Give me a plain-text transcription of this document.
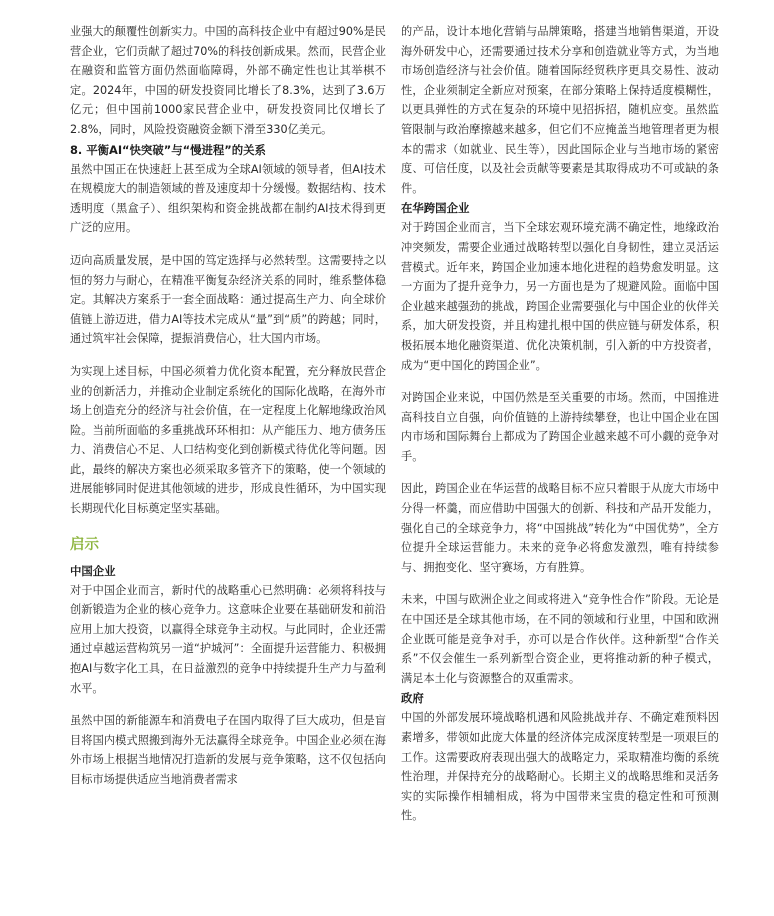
业强大的颠覆性创新实力。中国的高科技企业中有超过90%是民营企业，它们贡献了超过70%的科技创新成果。然而，民营企业在融资和监管方面仍然面临障碍，外部不确定性也让其举棋不定。2024年，中国的研发投资同比增长了8.3%，达到了3.6万亿元；但中国前1000家民营企业中，研发投资同比仅增长了2.8%，同时，风险投资融资金额下滑至330亿美元。

8. 平衡AI“快突破”与“慢进程”的关系

虽然中国正在快速赶上甚至成为全球AI领域的领导者，但AI技术在规模庞大的制造领域的普及速度却十分缓慢。数据结构、技术透明度（黑盒子）、组织架构和资金挑战都在制约AI技术得到更广泛的应用。

迈向高质量发展，是中国的笃定选择与必然转型。这需要持之以恒的努力与耐心，在精准平衡复杂经济关系的同时，维系整体稳定。其解决方案系于一套全面战略：通过提高生产力、向全球价值链上游迈进，借力AI等技术完成从“量”到“质”的跨越；同时，通过筑牢社会保障，提振消费信心，壮大国内市场。

为实现上述目标，中国必须着力优化资本配置，充分释放民营企业的创新活力，并推动企业制定系统化的国际化战略，在海外市场上创造充分的经济与社会价值，在一定程度上化解地缘政治风险。当前所面临的多重挑战环环相扣：从产能压力、地方债务压力、消费信心不足、人口结构变化到创新模式待优化等问题。因此，最终的解决方案也必须采取多管齐下的策略，使一个领域的进展能够同时促进其他领域的进步，形成良性循环，为中国实现长期现代化目标奠定坚实基础。

启示

中国企业

对于中国企业而言，新时代的战略重心已然明确：必须将科技与创新锻造为企业的核心竞争力。这意味企业要在基础研发和前沿应用上加大投资，以赢得全球竞争主动权。与此同时，企业还需通过卓越运营构筑另一道“护城河”：全面提升运营能力、积极拥抱AI与数字化工具，在日益激烈的竞争中持续提升生产力与盈利水平。

虽然中国的新能源车和消费电子在国内取得了巨大成功，但是盲目将国内模式照搬到海外无法赢得全球竞争。中国企业必须在海外市场上根据当地情况打造新的发展与竞争策略，这不仅包括向目标市场提供适应当地消费者需求

的产品，设计本地化营销与品牌策略，搭建当地销售渠道，开设海外研发中心，还需要通过技术分享和创造就业等方式，为当地市场创造经济与社会价值。随着国际经贸秩序更具交易性、波动性，企业须制定全新应对预案，在部分策略上保持适度模糊性，以更具弹性的方式在复杂的环境中见招拆招，随机应变。虽然监管限制与政治摩擦越来越多，但它们不应掩盖当地管理者更为根本的需求（如就业、民生等），因此国际企业与当地市场的紧密度、可信任度，以及社会贡献等要素是其取得成功不可或缺的条件。

在华跨国企业

对于跨国企业而言，当下全球宏观环境充满不确定性，地缘政治冲突频发，需要企业通过战略转型以强化自身韧性，建立灵活运营模式。近年来，跨国企业加速本地化进程的趋势愈发明显。这一方面为了提升竞争力，另一方面也是为了规避风险。面临中国企业越来越强劲的挑战，跨国企业需要强化与中国企业的伙伴关系，加大研发投资，并且构建扎根中国的供应链与研发体系，积极拓展本地化融资渠道、优化决策机制，引入新的中方投资者，成为“更中国化的跨国企业”。

对跨国企业来说，中国仍然是至关重要的市场。然而，中国推进高科技自立自强，向价值链的上游持续攀登，也让中国企业在国内市场和国际舞台上都成为了跨国企业越来越不可小觑的竞争对手。

因此，跨国企业在华运营的战略目标不应只着眼于从庞大市场中分得一杯羹，而应借助中国强大的创新、科技和产品开发能力，强化自己的全球竞争力，将“中国挑战”转化为“中国优势”，全方位提升全球运营能力。未来的竞争必将愈发激烈，唯有持续参与、拥抱变化、坚守赛场，方有胜算。

未来，中国与欧洲企业之间或将进入“竞争性合作”阶段。无论是在中国还是全球其他市场，在不同的领域和行业里，中国和欧洲企业既可能是竞争对手，亦可以是合作伙伴。这种新型“合作关系”不仅会催生一系列新型合资企业，更将推动新的种子模式，满足本土化与资源整合的双重需求。

政府

中国的外部发展环境战略机遇和风险挑战并存、不确定难预料因素增多，带领如此庞大体量的经济体完成深度转型是一项艰巨的工作。这需要政府表现出强大的战略定力，采取精准均衡的系统性治理，并保持充分的战略耐心。长期主义的战略思维和灵活务实的实际操作相辅相成，将为中国带来宝贵的稳定性和可预测性。
